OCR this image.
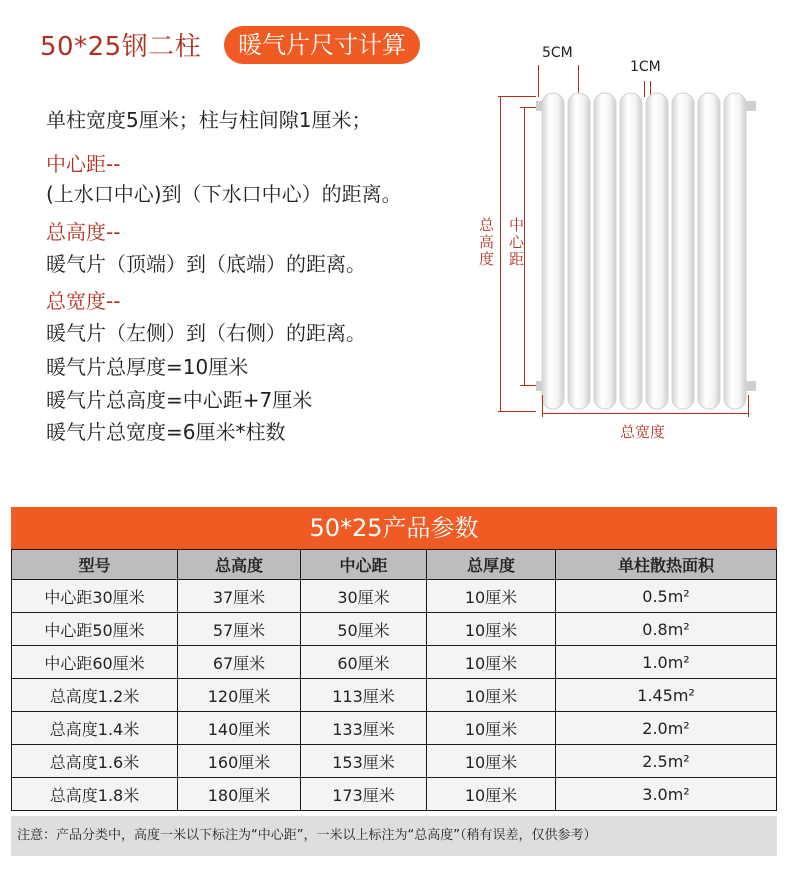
50*25钢二柱	暖气片尺寸计算
单柱宽度5厘米；柱与柱间隙1厘米；
中心距--
(上水口中心)到（下水口中心）的距离。
总高度--
暖气片（顶端）到（底端）的距离。
总宽度--
暖气片（左侧）到（右侧）的距离。
暖气片总厚度=10厘米
暖气片总高度=中心距+7厘米
暖气片总宽度=6厘米*柱数
5CM
1CM
总高度 中心距
总宽度
50*25产品参数
型号	总高度	中心距	总厚度	单柱散热面积
中心距30厘米	37厘米	30厘米	10厘米	0.5m²
中心距50厘米	57厘米	50厘米	10厘米	0.8m²
中心距60厘米	67厘米	60厘米	10厘米	1.0m²
总高度1.2米	120厘米	113厘米	10厘米	1.45m²
总高度1.4米	140厘米	133厘米	10厘米	2.0m²
总高度1.6米	160厘米	153厘米	10厘米	2.5m²
总高度1.8米	180厘米	173厘米	10厘米	3.0m²
注意：产品分类中，高度一米以下标注为“中心距”，一米以上标注为“总高度”（稍有误差，仅供参考）
